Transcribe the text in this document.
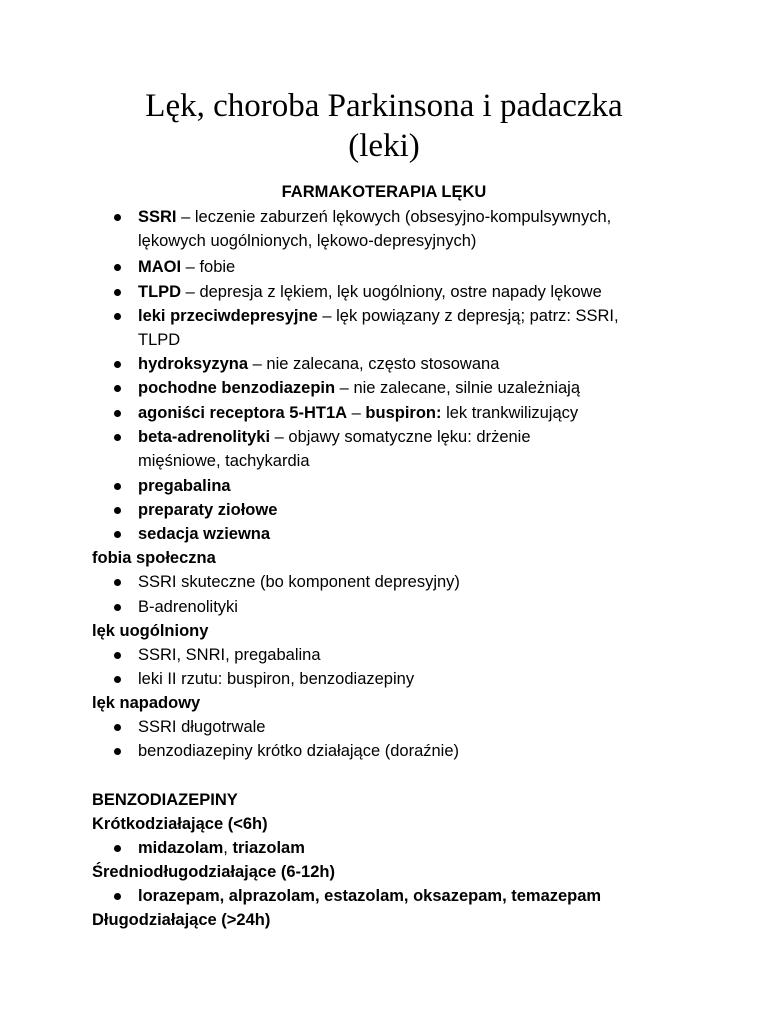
Lęk, choroba Parkinsona i padaczka
(leki)
FARMAKOTERAPIA LĘKU
SSRI – leczenie zaburzeń lękowych (obsesyjno-kompulsywnych,
lękowych uogólnionych, lękowo-depresyjnych)
MAOI – fobie
TLPD – depresja z lękiem, lęk uogólniony, ostre napady lękowe
leki przeciwdepresyjne – lęk powiązany z depresją; patrz: SSRI,
TLPD
hydroksyzyna – nie zalecana, często stosowana
pochodne benzodiazepin – nie zalecane, silnie uzależniają
agoniści receptora 5-HT1A – buspiron: lek trankwilizujący
beta-adrenolityki – objawy somatyczne lęku: drżenie
mięśniowe, tachykardia
pregabalina
preparaty ziołowe
sedacja wziewna
fobia społeczna
SSRI skuteczne (bo komponent depresyjny)
B-adrenolityki
lęk uogólniony
SSRI, SNRI, pregabalina
leki II rzutu: buspiron, benzodiazepiny
lęk napadowy
SSRI długotrwale
benzodiazepiny krótko działające (doraźnie)
BENZODIAZEPINY
Krótkodziałające (<6h)
midazolam, triazolam
Średniodługodziałające (6-12h)
lorazepam, alprazolam, estazolam, oksazepam, temazepam
Długodziałające (>24h)
